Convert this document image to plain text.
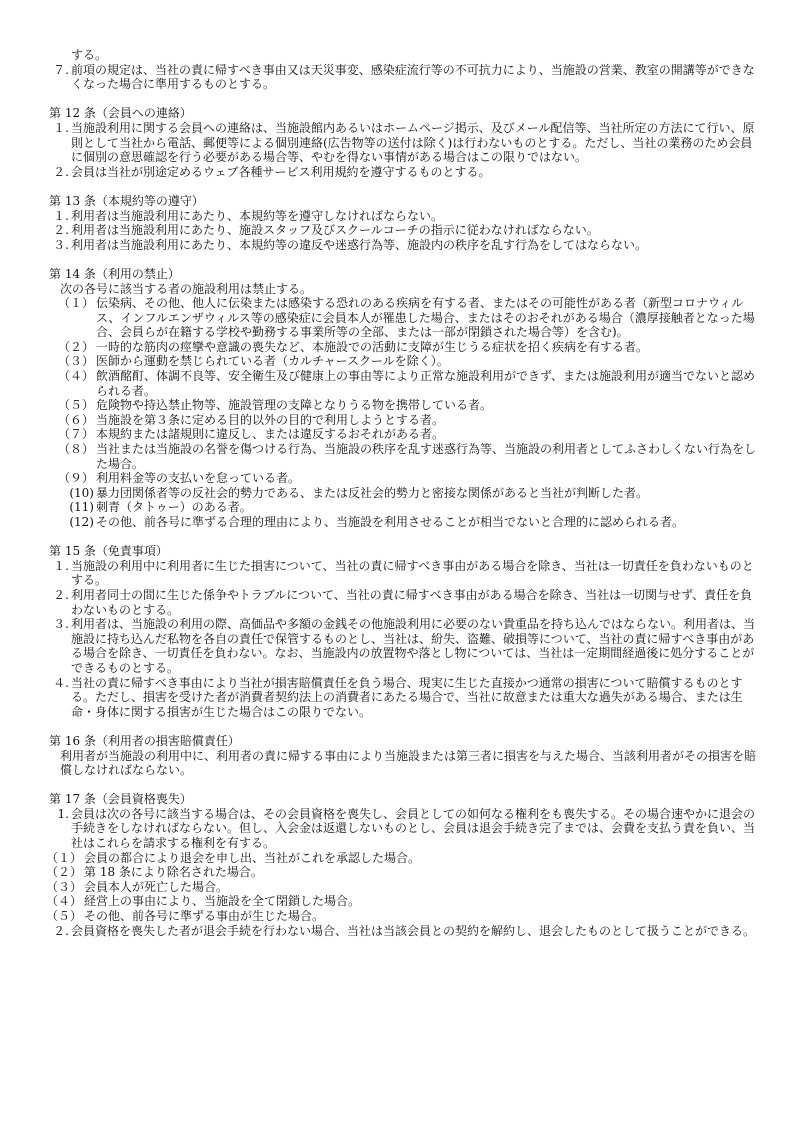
する。
７. 前項の規定は、当社の責に帰すべき事由又は天災事変、感染症流行等の不可抗力により、当施設の営業、教室の開講等ができなくなった場合に準用するものとする。
第 12 条（会員への連絡）
１. 当施設利用に関する会員への連絡は、当施設館内あるいはホームページ掲示、及びメール配信等、当社所定の方法にて行い、原則として当社から電話、郵便等による個別連絡(広告物等の送付は除く)は行わないものとする。ただし、当社の業務のため会員に個別の意思確認を行う必要がある場合等、やむを得ない事情がある場合はこの限りではない。
２. 会員は当社が別途定めるウェブ各種サービス利用規約を遵守するものとする。
第 13 条（本規約等の遵守）
１. 利用者は当施設利用にあたり、本規約等を遵守しなければならない。
２. 利用者は当施設利用にあたり、施設スタッフ及びスクールコーチの指示に従わなければならない。
３. 利用者は当施設利用にあたり、本規約等の違反や迷惑行為等、施設内の秩序を乱す行為をしてはならない。
第 14 条（利用の禁止）
次の各号に該当する者の施設利用は禁止する。
（１） 伝染病、その他、他人に伝染または感染する恐れのある疾病を有する者、またはその可能性がある者（新型コロナウィルス、インフルエンザウィルス等の感染症に会員本人が罹患した場合、またはそのおそれがある場合（濃厚接触者となった場合、会員らが在籍する学校や勤務する事業所等の全部、または一部が閉鎖された場合等）を含む)。
（２） 一時的な筋肉の痙攣や意識の喪失など、本施設での活動に支障が生じうる症状を招く疾病を有する者。
（３） 医師から運動を禁じられている者（カルチャースクールを除く）。
（４） 飲酒酩酊、体調不良等、安全衛生及び健康上の事由等により正常な施設利用ができず、または施設利用が適当でないと認められる者。
（５） 危険物や持込禁止物等、施設管理の支障となりうる物を携帯している者。
（６） 当施設を第３条に定める目的以外の目的で利用しようとする者。
（７） 本規約または諸規則に違反し、または違反するおそれがある者。
（８） 当社または当施設の名誉を傷つける行為、当施設の秩序を乱す迷惑行為等、当施設の利用者としてふさわしくない行為をした場合。
（９） 利用料金等の支払いを怠っている者。
(10) 暴力団関係者等の反社会的勢力である、または反社会的勢力と密接な関係があると当社が判断した者。
(11) 刺青（タトゥー）のある者。
(12) その他、前各号に準ずる合理的理由により、当施設を利用させることが相当でないと合理的に認められる者。
第 15 条（免責事項）
１. 当施設の利用中に利用者に生じた損害について、当社の責に帰すべき事由がある場合を除き、当社は一切責任を負わないものとする。
２. 利用者同士の間に生じた係争やトラブルについて、当社の責に帰すべき事由がある場合を除き、当社は一切関与せず、責任を負わないものとする。
３. 利用者は、当施設の利用の際、高価品や多額の金銭その他施設利用に必要のない貴重品を持ち込んではならない。利用者は、当施設に持ち込んだ私物を各自の責任で保管するものとし、当社は、紛失、盗難、破損等について、当社の責に帰すべき事由がある場合を除き、一切責任を負わない。なお、当施設内の放置物や落とし物については、当社は一定期間経過後に処分することができるものとする。
４. 当社の責に帰すべき事由により当社が損害賠償責任を負う場合、現実に生じた直接かつ通常の損害について賠償するものとする。ただし、損害を受けた者が消費者契約法上の消費者にあたる場合で、当社に故意または重大な過失がある場合、または生命・身体に関する損害が生じた場合はこの限りでない。
第 16 条（利用者の損害賠償責任）
利用者が当施設の利用中に、利用者の責に帰する事由により当施設または第三者に損害を与えた場合、当該利用者がその損害を賠償しなければならない。
第 17 条（会員資格喪失）
1. 会員は次の各号に該当する場合は、その会員資格を喪失し、会員としての如何なる権利をも喪失する。その場合速やかに退会の手続きをしなければならない。但し、入会金は返還しないものとし、会員は退会手続き完了までは、会費を支払う責を負い、当社はこれらを請求する権利を有する。
（１） 会員の都合により退会を申し出、当社がこれを承認した場合。
（２） 第 18 条により除名された場合。
（３） 会員本人が死亡した場合。
（４） 経営上の事由により、当施設を全て閉鎖した場合。
（５） その他、前各号に準ずる事由が生じた場合。
２. 会員資格を喪失した者が退会手続を行わない場合、当社は当該会員との契約を解約し、退会したものとして扱うことができる。
